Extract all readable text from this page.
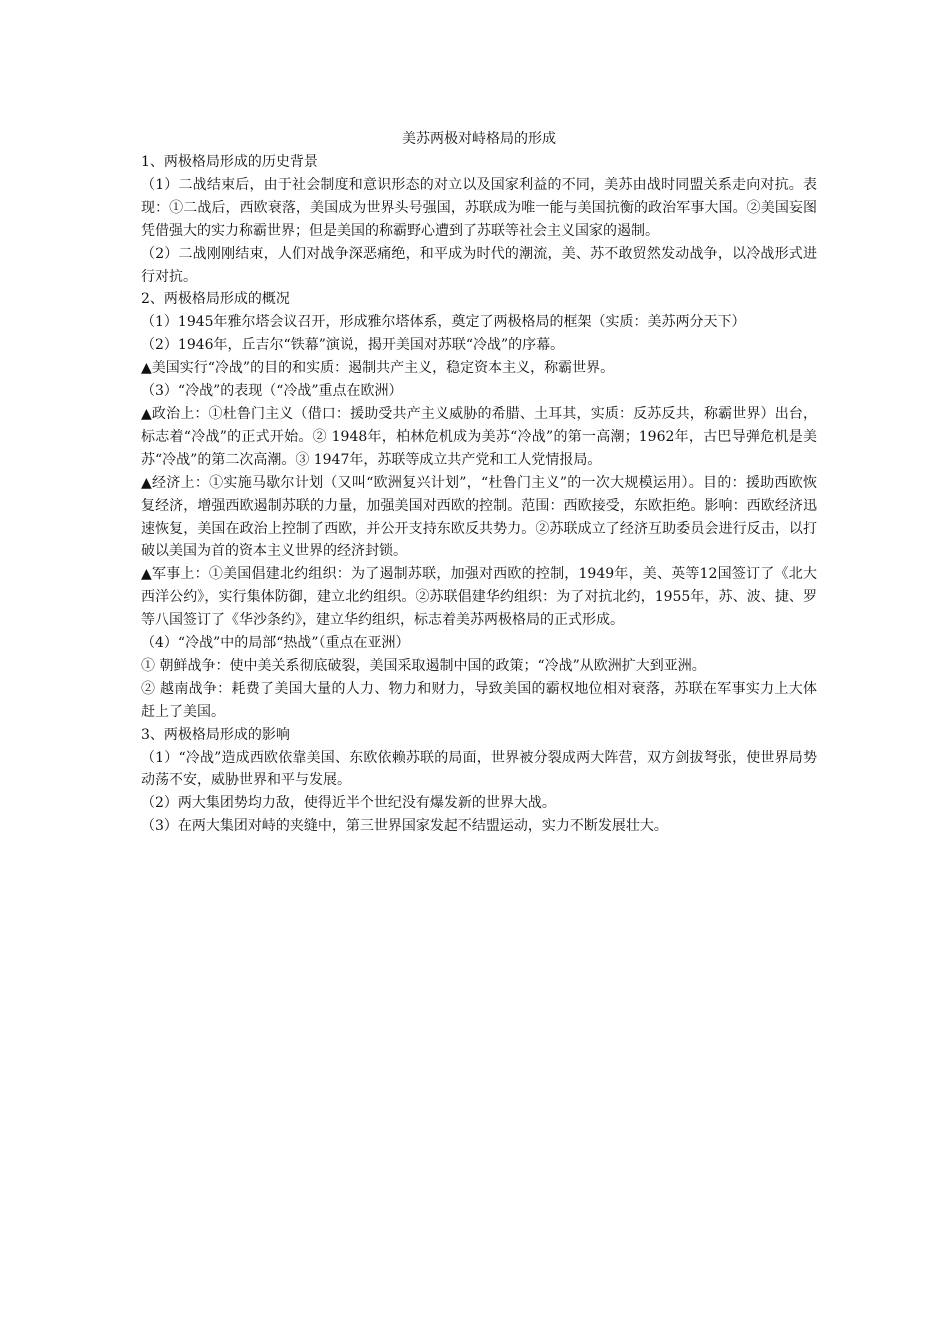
美苏两极对峙格局的形成
1、两极格局形成的历史背景
（1）二战结束后，由于社会制度和意识形态的对立以及国家利益的不同，美苏由战时同盟关系走向对抗。表现：①二战后，西欧衰落，美国成为世界头号强国，苏联成为唯一能与美国抗衡的政治军事大国。②美国妄图凭借强大的实力称霸世界；但是美国的称霸野心遭到了苏联等社会主义国家的遏制。
（2）二战刚刚结束，人们对战争深恶痛绝，和平成为时代的潮流，美、苏不敢贸然发动战争，以冷战形式进行对抗。
2、两极格局形成的概况
（1）1945年雅尔塔会议召开，形成雅尔塔体系，奠定了两极格局的框架（实质：美苏两分天下）
（2）1946年，丘吉尔“铁幕”演说，揭开美国对苏联“冷战”的序幕。
▲美国实行“冷战”的目的和实质：遏制共产主义，稳定资本主义，称霸世界。
（3）“冷战”的表现（“冷战”重点在欧洲）
▲政治上：①杜鲁门主义（借口：援助受共产主义威胁的希腊、土耳其，实质：反苏反共，称霸世界）出台，标志着“冷战”的正式开始。② 1948年，柏林危机成为美苏“冷战”的第一高潮；1962年，古巴导弹危机是美苏“冷战”的第二次高潮。③ 1947年，苏联等成立共产党和工人党情报局。
▲经济上：①实施马歇尔计划（又叫“欧洲复兴计划”，“杜鲁门主义”的一次大规模运用）。目的：援助西欧恢复经济，增强西欧遏制苏联的力量，加强美国对西欧的控制。范围：西欧接受，东欧拒绝。影响：西欧经济迅速恢复，美国在政治上控制了西欧，并公开支持东欧反共势力。②苏联成立了经济互助委员会进行反击，以打破以美国为首的资本主义世界的经济封锁。
▲军事上：①美国倡建北约组织：为了遏制苏联，加强对西欧的控制，1949年，美、英等12国签订了《北大西洋公约》，实行集体防御，建立北约组织。②苏联倡建华约组织：为了对抗北约，1955年，苏、波、捷、罗等八国签订了《华沙条约》，建立华约组织，标志着美苏两极格局的正式形成。
（4）“冷战”中的局部“热战”（重点在亚洲）
① 朝鲜战争：使中美关系彻底破裂，美国采取遏制中国的政策；“冷战”从欧洲扩大到亚洲。
② 越南战争：耗费了美国大量的人力、物力和财力，导致美国的霸权地位相对衰落，苏联在军事实力上大体赶上了美国。
3、两极格局形成的影响
（1）“冷战”造成西欧依靠美国、东欧依赖苏联的局面，世界被分裂成两大阵营，双方剑拔弩张，使世界局势动荡不安，威胁世界和平与发展。
（2）两大集团势均力敌，使得近半个世纪没有爆发新的世界大战。
（3）在两大集团对峙的夹缝中，第三世界国家发起不结盟运动，实力不断发展壮大。
